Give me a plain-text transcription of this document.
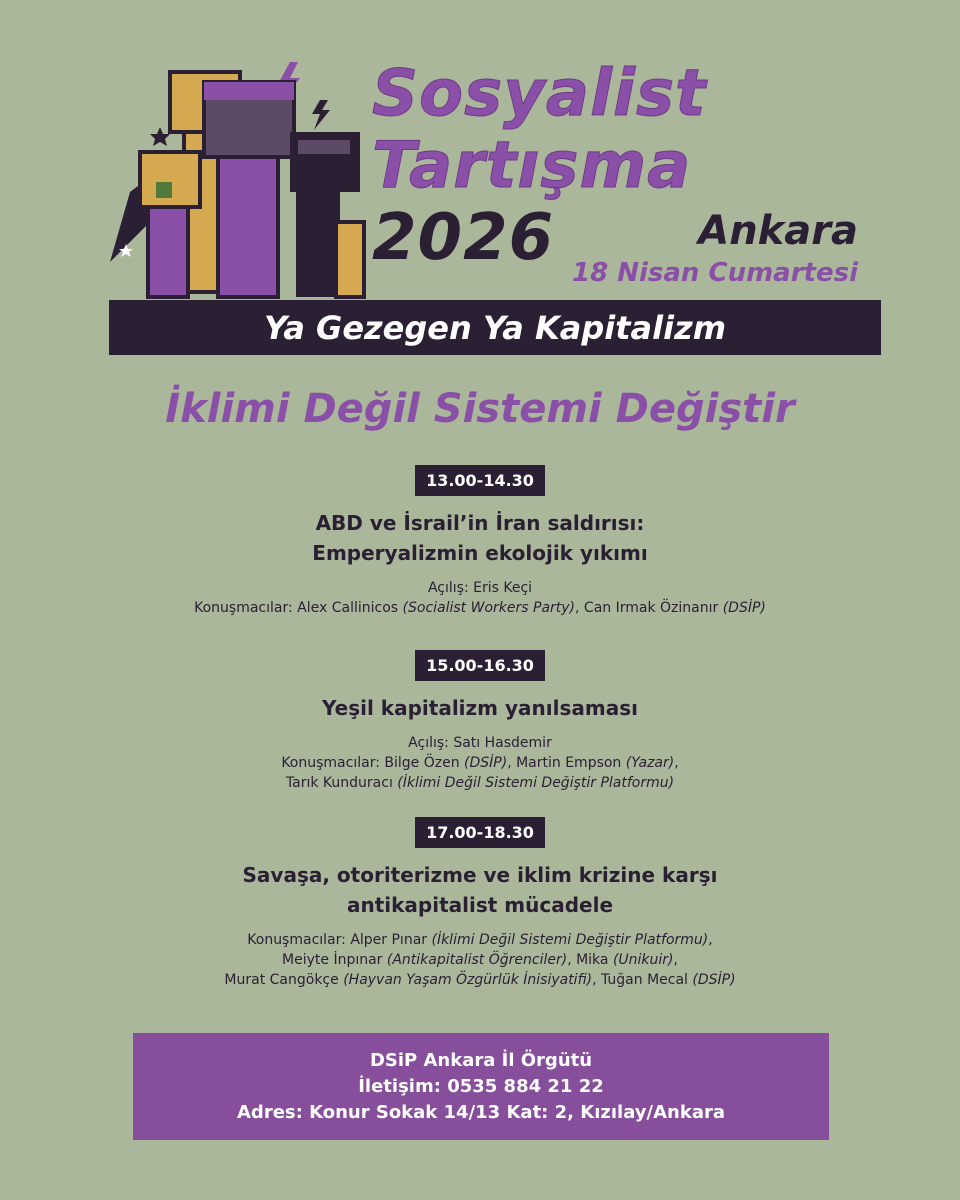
Sosyalist
Tartışma
2026	Ankara
18 Nisan Cumartesi
Ya Gezegen Ya Kapitalizm
İklimi Değil Sistemi Değiştir
13.00-14.30
ABD ve İsrail’in İran saldırısı:
Emperyalizmin ekolojik yıkımı
Açılış: Eris Keçi
Konuşmacılar: Alex Callinicos (Socialist Workers Party), Can Irmak Özinanır (DSİP)
15.00-16.30
Yeşil kapitalizm yanılsaması
Açılış: Satı Hasdemir
Konuşmacılar: Bilge Özen (DSİP), Martin Empson (Yazar),
Tarık Kunduracı (İklimi Değil Sistemi Değiştir Platformu)
17.00-18.30
Savaşa, otoriterizme ve iklim krizine karşı
antikapitalist mücadele
Konuşmacılar: Alper Pınar (İklimi Değil Sistemi Değiştir Platformu),
Meiyte İnpınar (Antikapitalist Öğrenciler), Mika (Unikuir),
Murat Cangökçe (Hayvan Yaşam Özgürlük İnisiyatifi), Tuğan Mecal (DSİP)
DSiP Ankara İl Örgütü
İletişim: 0535 884 21 22
Adres: Konur Sokak 14/13 Kat: 2, Kızılay/Ankara
